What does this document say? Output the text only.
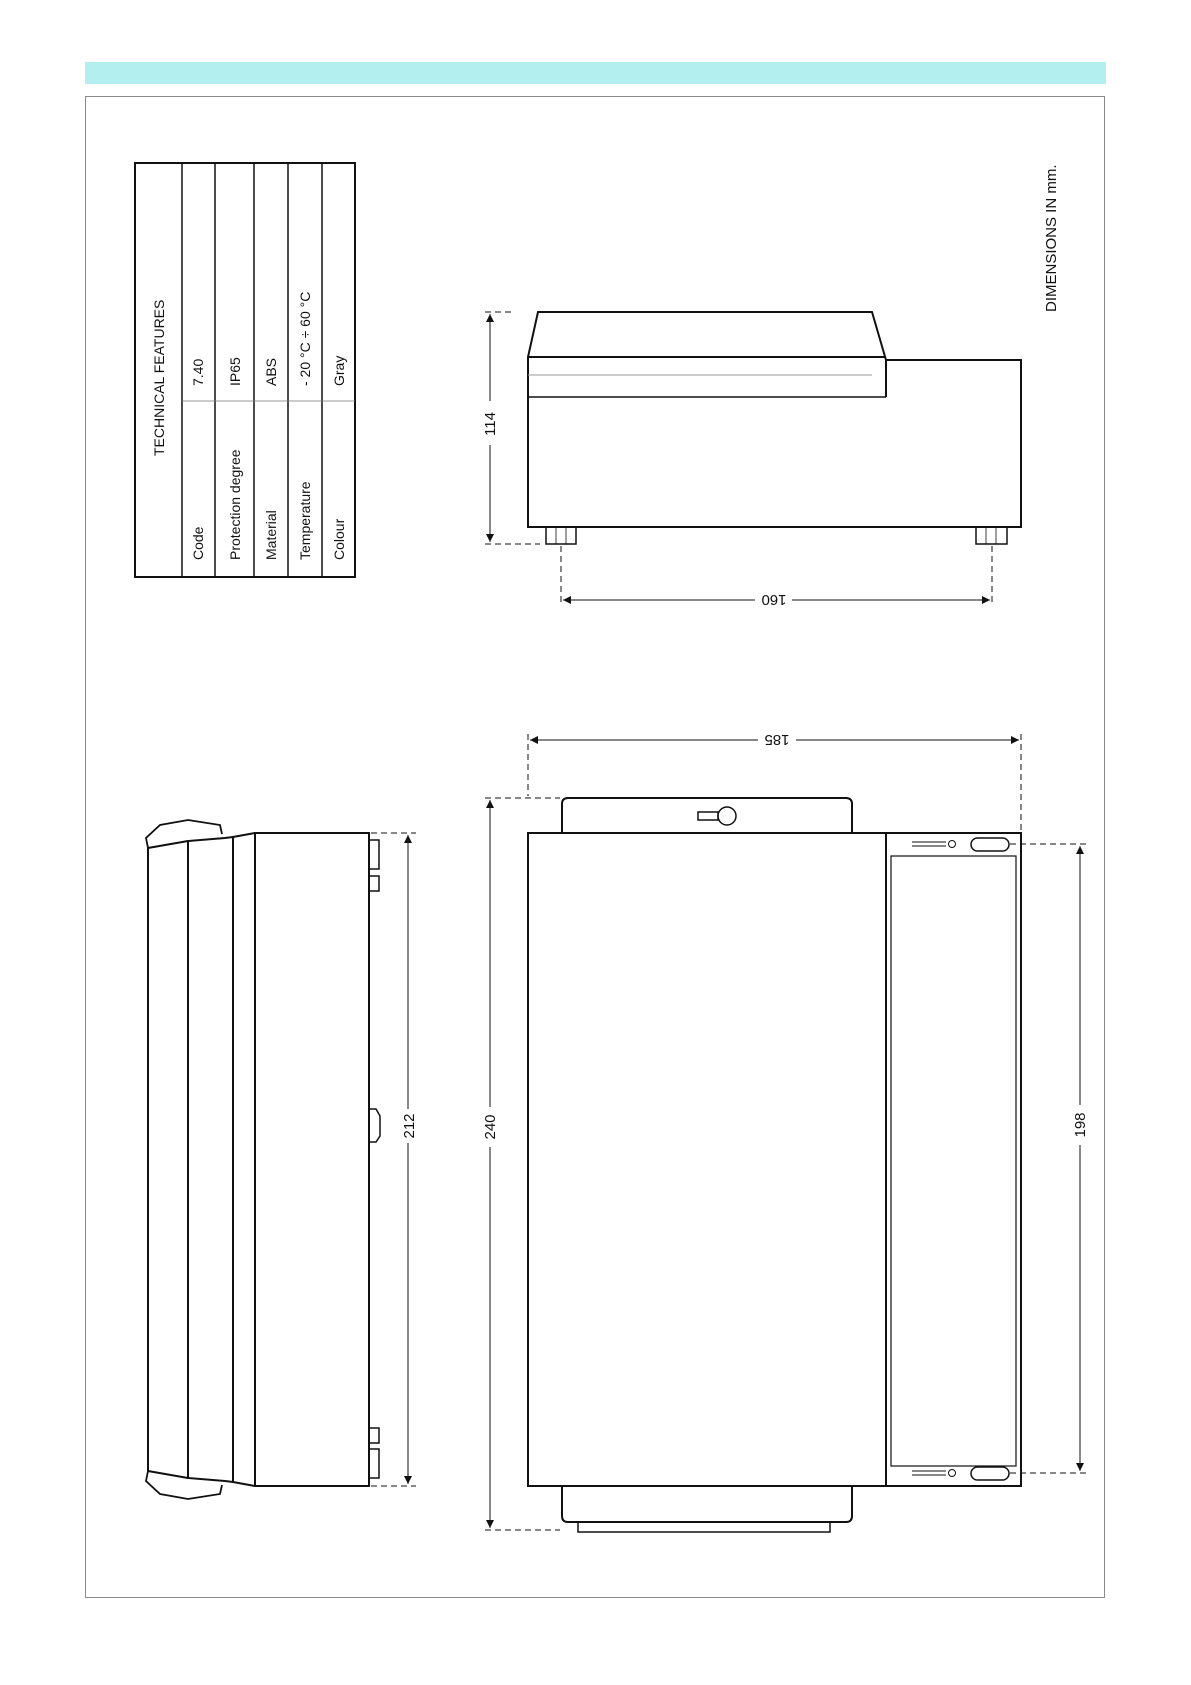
TECHNICAL FEATURES
Code
7.40
Protection degree
IP65
Material
ABS
Temperature
- 20 °C ÷ 60 °C
Colour
Gray
DIMENSIONS IN mm.
114
160
185
240	198
212
